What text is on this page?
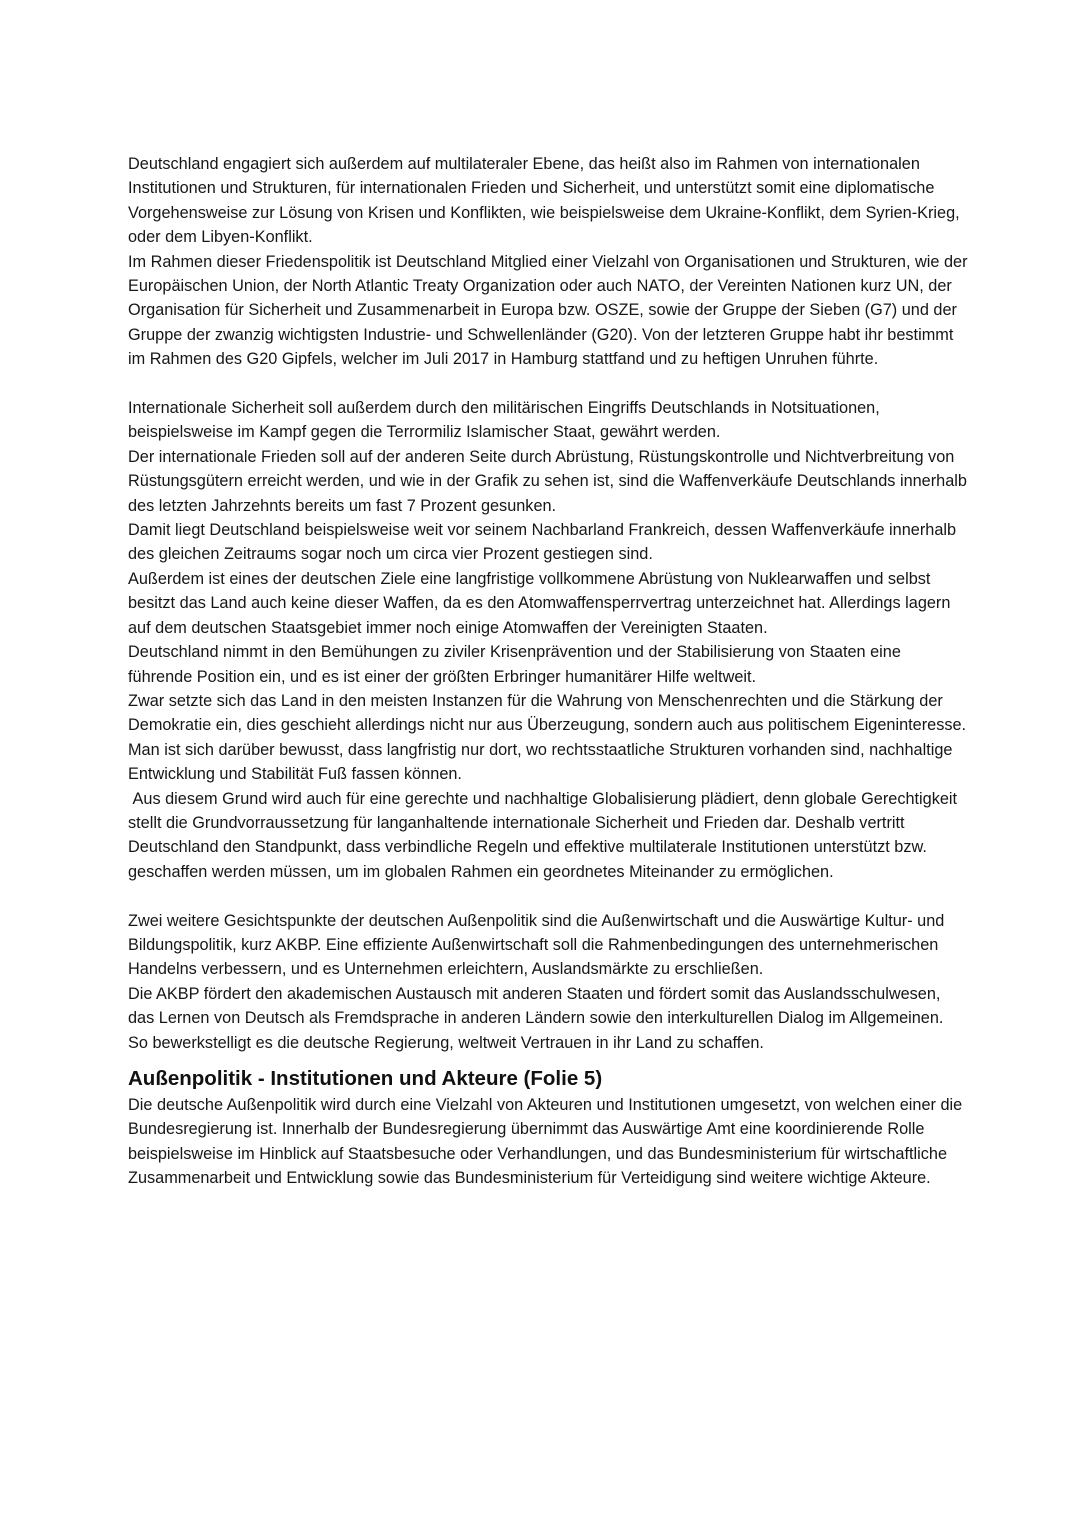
Deutschland engagiert sich außerdem auf multilateraler Ebene, das heißt also im Rahmen von internationalen Institutionen und Strukturen, für internationalen Frieden und Sicherheit, und unterstützt somit eine diplomatische Vorgehensweise zur Lösung von Krisen und Konflikten, wie beispielsweise dem Ukraine-Konflikt, dem Syrien-Krieg, oder dem Libyen-Konflikt.

Im Rahmen dieser Friedenspolitik ist Deutschland Mitglied einer Vielzahl von Organisationen und Strukturen, wie der Europäischen Union, der North Atlantic Treaty Organization oder auch NATO, der Vereinten Nationen kurz UN, der Organisation für Sicherheit und Zusammenarbeit in Europa bzw. OSZE, sowie der Gruppe der Sieben (G7) und der Gruppe der zwanzig wichtigsten Industrie- und Schwellenländer (G20). Von der letzteren Gruppe habt ihr bestimmt im Rahmen des G20 Gipfels, welcher im Juli 2017 in Hamburg stattfand und zu heftigen Unruhen führte.

Internationale Sicherheit soll außerdem durch den militärischen Eingriffs Deutschlands in Notsituationen, beispielsweise im Kampf gegen die Terrormiliz Islamischer Staat, gewährt werden.

Der internationale Frieden soll auf der anderen Seite durch Abrüstung, Rüstungskontrolle und Nichtverbreitung von Rüstungsgütern erreicht werden, und wie in der Grafik zu sehen ist, sind die Waffenverkäufe Deutschlands innerhalb des letzten Jahrzehnts bereits um fast 7 Prozent gesunken.

Damit liegt Deutschland beispielsweise weit vor seinem Nachbarland Frankreich, dessen Waffenverkäufe innerhalb des gleichen Zeitraums sogar noch um circa vier Prozent gestiegen sind.

Außerdem ist eines der deutschen Ziele eine langfristige vollkommene Abrüstung von Nuklearwaffen und selbst besitzt das Land auch keine dieser Waffen, da es den Atomwaffensperrvertrag unterzeichnet hat. Allerdings lagern auf dem deutschen Staatsgebiet immer noch einige Atomwaffen der Vereinigten Staaten.

Deutschland nimmt in den Bemühungen zu ziviler Krisenprävention und der Stabilisierung von Staaten eine führende Position ein, und es ist einer der größten Erbringer humanitärer Hilfe weltweit.

Zwar setzte sich das Land in den meisten Instanzen für die Wahrung von Menschenrechten und die Stärkung der Demokratie ein, dies geschieht allerdings nicht nur aus Überzeugung, sondern auch aus politischem Eigeninteresse. Man ist sich darüber bewusst, dass langfristig nur dort, wo rechtsstaatliche Strukturen vorhanden sind, nachhaltige Entwicklung und Stabilität Fuß fassen können.

Aus diesem Grund wird auch für eine gerechte und nachhaltige Globalisierung plädiert, denn globale Gerechtigkeit stellt die Grundvorraussetzung für langanhaltende internationale Sicherheit und Frieden dar. Deshalb vertritt Deutschland den Standpunkt, dass verbindliche Regeln und effektive multilaterale Institutionen unterstützt bzw. geschaffen werden müssen, um im globalen Rahmen ein geordnetes Miteinander zu ermöglichen.

Zwei weitere Gesichtspunkte der deutschen Außenpolitik sind die Außenwirtschaft und die Auswärtige Kultur- und Bildungspolitik, kurz AKBP. Eine effiziente Außenwirtschaft soll die Rahmenbedingungen des unternehmerischen Handelns verbessern, und es Unternehmen erleichtern, Auslandsmärkte zu erschließen.

Die AKBP fördert den akademischen Austausch mit anderen Staaten und fördert somit das Auslandsschulwesen, das Lernen von Deutsch als Fremdsprache in anderen Ländern sowie den interkulturellen Dialog im Allgemeinen.

So bewerkstelligt es die deutsche Regierung, weltweit Vertrauen in ihr Land zu schaffen.

Außenpolitik - Institutionen und Akteure (Folie 5)

Die deutsche Außenpolitik wird durch eine Vielzahl von Akteuren und Institutionen umgesetzt, von welchen einer die Bundesregierung ist. Innerhalb der Bundesregierung übernimmt das Auswärtige Amt eine koordinierende Rolle beispielsweise im Hinblick auf Staatsbesuche oder Verhandlungen, und das Bundesministerium für wirtschaftliche Zusammenarbeit und Entwicklung sowie das Bundesministerium für Verteidigung sind weitere wichtige Akteure.
